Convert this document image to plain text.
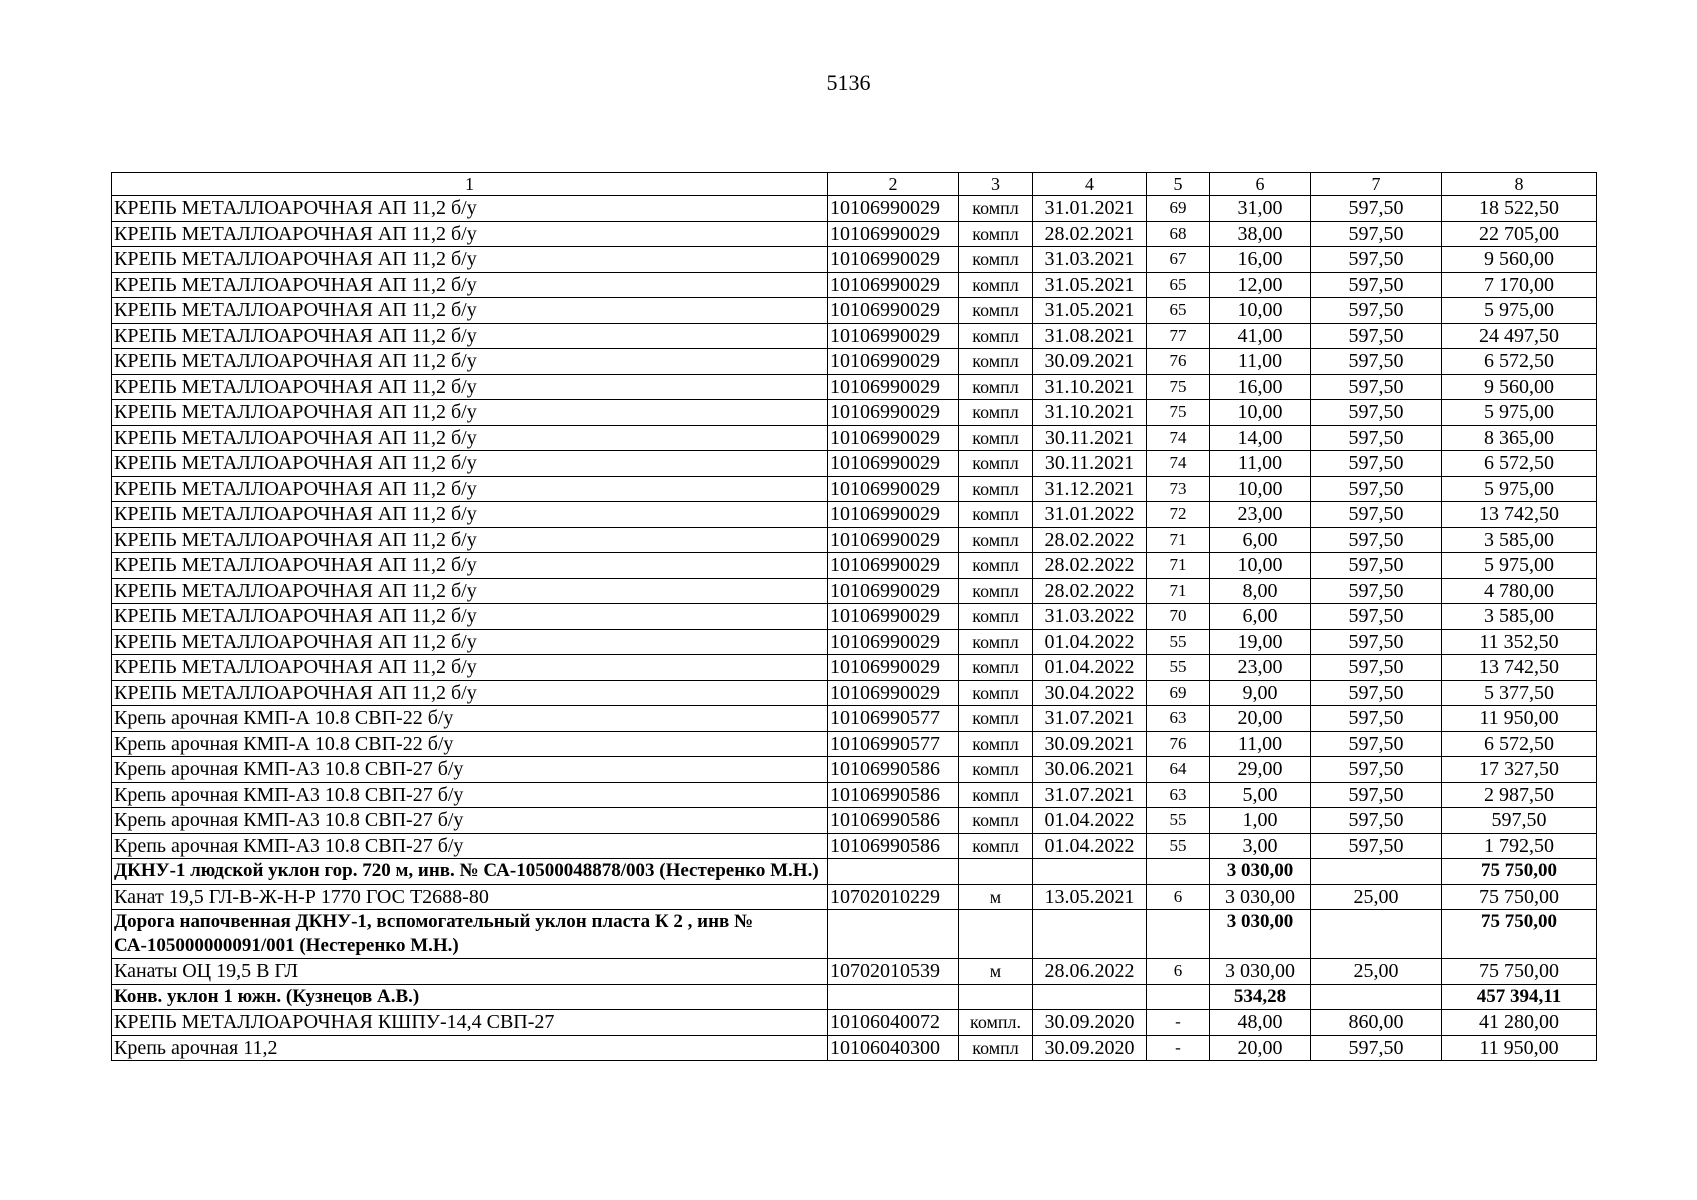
5136
1	2	3	4	5	6	7	8
КРЕПЬ МЕТАЛЛОАРОЧНАЯ АП 11,2 б/у	10106990029	компл	31.01.2021	69	31,00	597,50	18 522,50
КРЕПЬ МЕТАЛЛОАРОЧНАЯ АП 11,2 б/у	10106990029	компл	28.02.2021	68	38,00	597,50	22 705,00
КРЕПЬ МЕТАЛЛОАРОЧНАЯ АП 11,2 б/у	10106990029	компл	31.03.2021	67	16,00	597,50	9 560,00
КРЕПЬ МЕТАЛЛОАРОЧНАЯ АП 11,2 б/у	10106990029	компл	31.05.2021	65	12,00	597,50	7 170,00
КРЕПЬ МЕТАЛЛОАРОЧНАЯ АП 11,2 б/у	10106990029	компл	31.05.2021	65	10,00	597,50	5 975,00
КРЕПЬ МЕТАЛЛОАРОЧНАЯ АП 11,2 б/у	10106990029	компл	31.08.2021	77	41,00	597,50	24 497,50
КРЕПЬ МЕТАЛЛОАРОЧНАЯ АП 11,2 б/у	10106990029	компл	30.09.2021	76	11,00	597,50	6 572,50
КРЕПЬ МЕТАЛЛОАРОЧНАЯ АП 11,2 б/у	10106990029	компл	31.10.2021	75	16,00	597,50	9 560,00
КРЕПЬ МЕТАЛЛОАРОЧНАЯ АП 11,2 б/у	10106990029	компл	31.10.2021	75	10,00	597,50	5 975,00
КРЕПЬ МЕТАЛЛОАРОЧНАЯ АП 11,2 б/у	10106990029	компл	30.11.2021	74	14,00	597,50	8 365,00
КРЕПЬ МЕТАЛЛОАРОЧНАЯ АП 11,2 б/у	10106990029	компл	30.11.2021	74	11,00	597,50	6 572,50
КРЕПЬ МЕТАЛЛОАРОЧНАЯ АП 11,2 б/у	10106990029	компл	31.12.2021	73	10,00	597,50	5 975,00
КРЕПЬ МЕТАЛЛОАРОЧНАЯ АП 11,2 б/у	10106990029	компл	31.01.2022	72	23,00	597,50	13 742,50
КРЕПЬ МЕТАЛЛОАРОЧНАЯ АП 11,2 б/у	10106990029	компл	28.02.2022	71	6,00	597,50	3 585,00
КРЕПЬ МЕТАЛЛОАРОЧНАЯ АП 11,2 б/у	10106990029	компл	28.02.2022	71	10,00	597,50	5 975,00
КРЕПЬ МЕТАЛЛОАРОЧНАЯ АП 11,2 б/у	10106990029	компл	28.02.2022	71	8,00	597,50	4 780,00
КРЕПЬ МЕТАЛЛОАРОЧНАЯ АП 11,2 б/у	10106990029	компл	31.03.2022	70	6,00	597,50	3 585,00
КРЕПЬ МЕТАЛЛОАРОЧНАЯ АП 11,2 б/у	10106990029	компл	01.04.2022	55	19,00	597,50	11 352,50
КРЕПЬ МЕТАЛЛОАРОЧНАЯ АП 11,2 б/у	10106990029	компл	01.04.2022	55	23,00	597,50	13 742,50
КРЕПЬ МЕТАЛЛОАРОЧНАЯ АП 11,2 б/у	10106990029	компл	30.04.2022	69	9,00	597,50	5 377,50
Крепь арочная КМП-А 10.8 СВП-22 б/у	10106990577	компл	31.07.2021	63	20,00	597,50	11 950,00
Крепь арочная КМП-А 10.8 СВП-22 б/у	10106990577	компл	30.09.2021	76	11,00	597,50	6 572,50
Крепь арочная КМП-А3 10.8 СВП-27 б/у	10106990586	компл	30.06.2021	64	29,00	597,50	17 327,50
Крепь арочная КМП-А3 10.8 СВП-27 б/у	10106990586	компл	31.07.2021	63	5,00	597,50	2 987,50
Крепь арочная КМП-А3 10.8 СВП-27 б/у	10106990586	компл	01.04.2022	55	1,00	597,50	597,50
Крепь арочная КМП-А3 10.8 СВП-27 б/у	10106990586	компл	01.04.2022	55	3,00	597,50	1 792,50
ДКНУ-1 людской уклон гор. 720 м, инв. № СА-10500048878/003 (Нестеренко М.Н.)					3 030,00		75 750,00
Канат 19,5 ГЛ-В-Ж-Н-Р 1770 ГОС Т2688-80	10702010229	м	13.05.2021	6	3 030,00	25,00	75 750,00
Дорога напочвенная ДКНУ-1, вспомогательный уклон пласта К 2 , инв № СА-105000000091/001 (Нестеренко М.Н.)					3 030,00		75 750,00
Канаты ОЦ 19,5 В ГЛ	10702010539	м	28.06.2022	6	3 030,00	25,00	75 750,00
Конв. уклон 1 южн. (Кузнецов А.В.)					534,28		457 394,11
КРЕПЬ МЕТАЛЛОАРОЧНАЯ КШПУ-14,4 СВП-27	10106040072	компл.	30.09.2020	-	48,00	860,00	41 280,00
Крепь арочная 11,2	10106040300	компл	30.09.2020	-	20,00	597,50	11 950,00
